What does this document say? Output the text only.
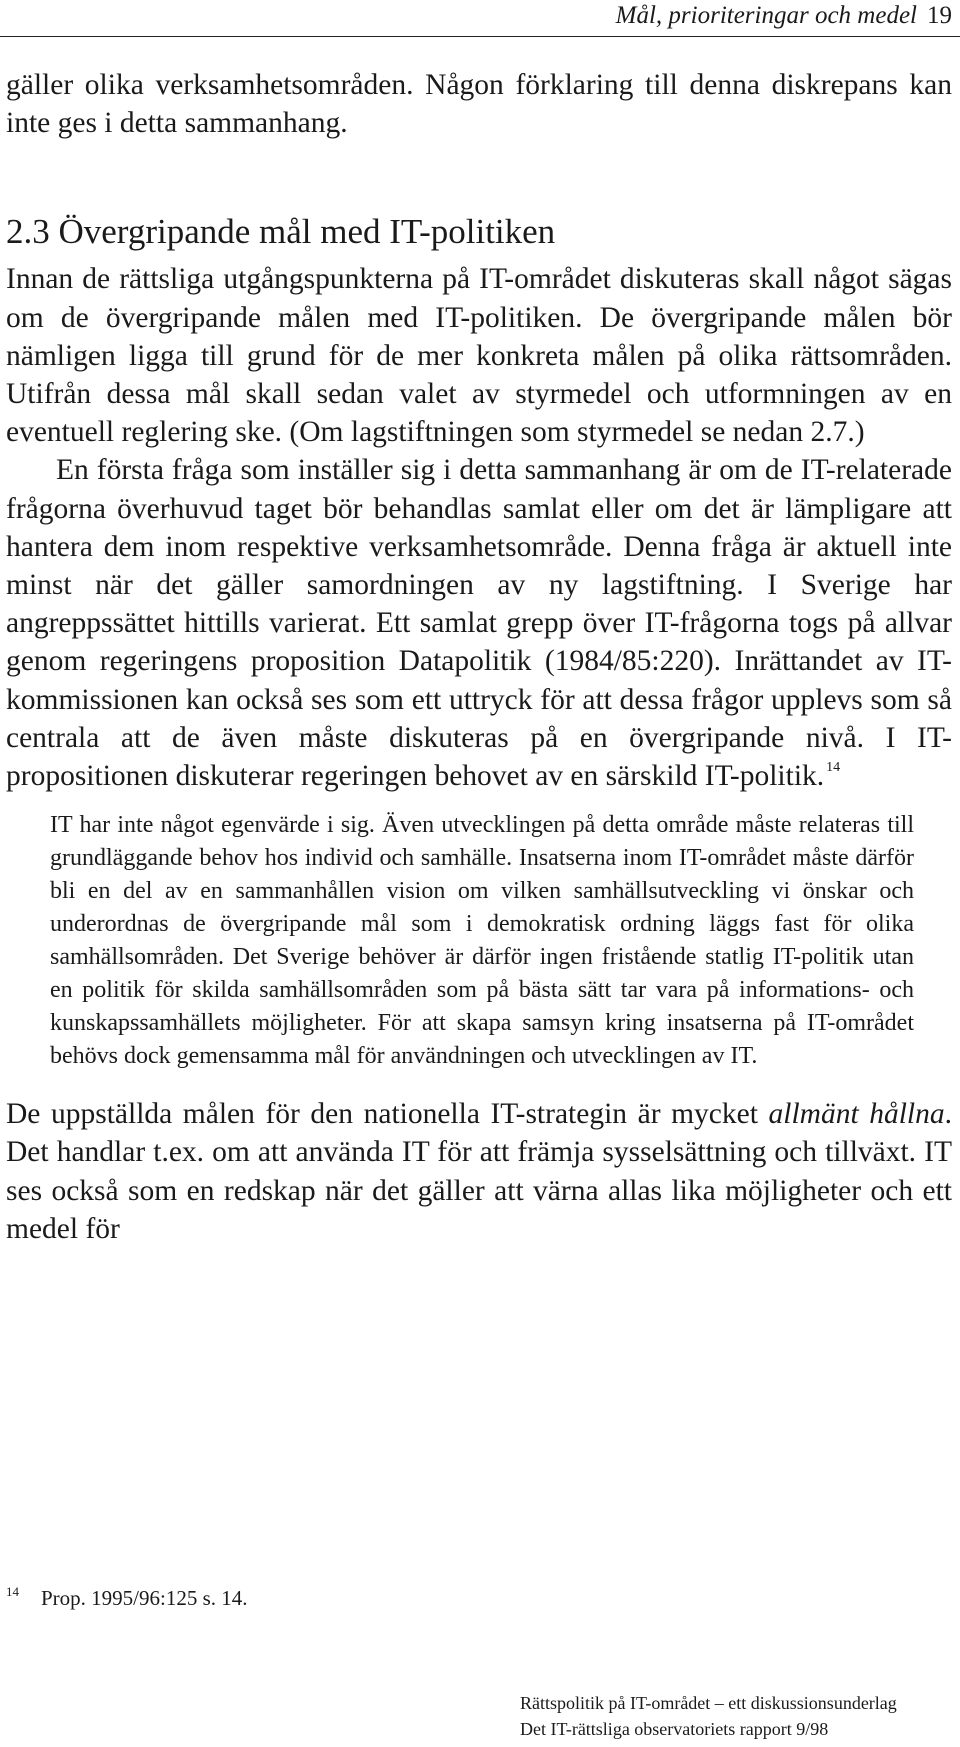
Mål, prioriteringar och medel 19

gäller olika verksamhetsområden. Någon förklaring till denna diskrepans kan inte ges i detta sammanhang.

2.3 Övergripande mål med IT-politiken

Innan de rättsliga utgångspunkterna på IT-området diskuteras skall något sägas om de övergripande målen med IT-politiken. De övergripande målen bör nämligen ligga till grund för de mer konkreta målen på olika rättsområden. Utifrån dessa mål skall sedan valet av styrmedel och utformningen av en eventuell reglering ske. (Om lagstiftningen som styrmedel se nedan 2.7.)

En första fråga som inställer sig i detta sammanhang är om de IT-relaterade frågorna överhuvud taget bör behandlas samlat eller om det är lämpligare att hantera dem inom respektive verksamhetsområde. Denna fråga är aktuell inte minst när det gäller samordningen av ny lagstiftning. I Sverige har angreppssättet hittills varierat. Ett samlat grepp över IT-frågorna togs på allvar genom regeringens proposition Datapolitik (1984/85:220). Inrättandet av IT-kommissionen kan också ses som ett uttryck för att dessa frågor upplevs som så centrala att de även måste diskuteras på en övergripande nivå. I IT-propositionen diskuterar regeringen behovet av en särskild IT-politik. $^{14}$

IT har inte något egenvärde i sig. Även utvecklingen på detta område måste relateras till grundläggande behov hos individ och samhälle. Insatserna inom IT-området måste därför bli en del av en sammanhållen vision om vilken samhällsutveckling vi önskar och underordnas de övergripande mål som i demokratisk ordning läggs fast för olika samhällsområden. Det Sverige behöver är därför ingen fristående statlig IT-politik utan en politik för skilda samhällsområden som på bästa sätt tar vara på informations- och kunskapssamhällets möjligheter. För att skapa samsyn kring insatserna på IT-området behövs dock gemensamma mål för användningen och utvecklingen av IT.

De uppställda målen för den nationella IT-strategin är mycket allmänt hållna. Det handlar t.ex. om att använda IT för att främja sysselsättning och tillväxt. IT ses också som en redskap när det gäller att värna allas lika möjligheter och ett medel för

$^{14}$ Prop. 1995/96:125 s. 14.
Rättspolitik på IT-området – ett diskussionsunderlag
Det IT-rättsliga observatoriets rapport 9/98
